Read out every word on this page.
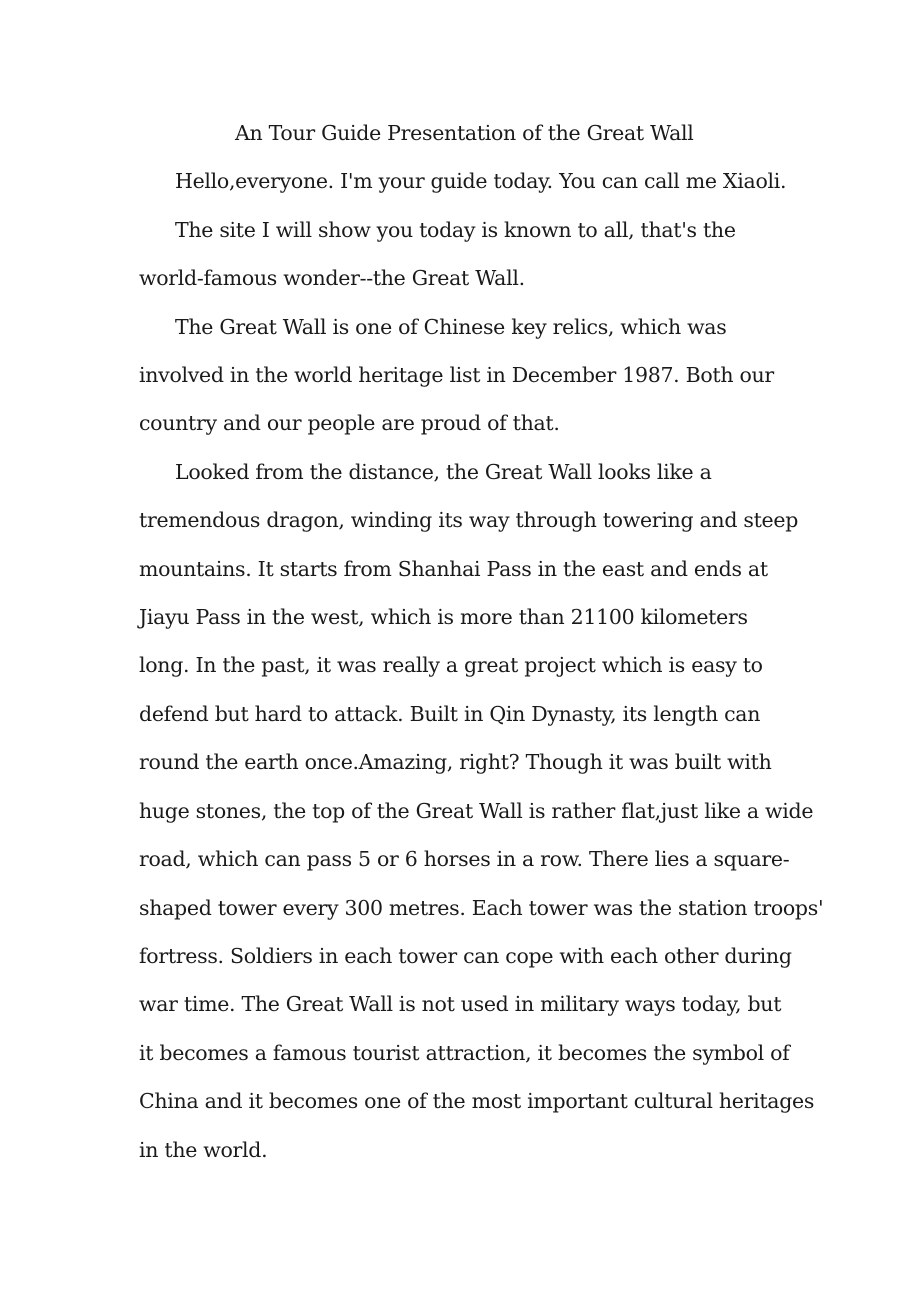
An Tour Guide Presentation of the Great Wall

Hello,everyone. I'm your guide today. You can call me Xiaoli.

The site I will show you today is known to all, that's the
world-famous wonder--the Great Wall.

The Great Wall is one of Chinese key relics, which was
involved in the world heritage list in December 1987. Both our
country and our people are proud of that.

Looked from the distance, the Great Wall looks like a
tremendous dragon, winding its way through towering and steep
mountains. It starts from Shanhai Pass in the east and ends at
Jiayu Pass in the west, which is more than 21100 kilometers
long. In the past, it was really a great project which is easy to
defend but hard to attack. Built in Qin Dynasty, its length can
round the earth once.Amazing, right? Though it was built with
huge stones, the top of the Great Wall is rather flat,just like a wide
road, which can pass 5 or 6 horses in a row. There lies a square-
shaped tower every 300 metres. Each tower was the station troops'
fortress. Soldiers in each tower can cope with each other during
war time. The Great Wall is not used in military ways today, but
it becomes a famous tourist attraction, it becomes the symbol of
China and it becomes one of the most important cultural heritages
in the world.
